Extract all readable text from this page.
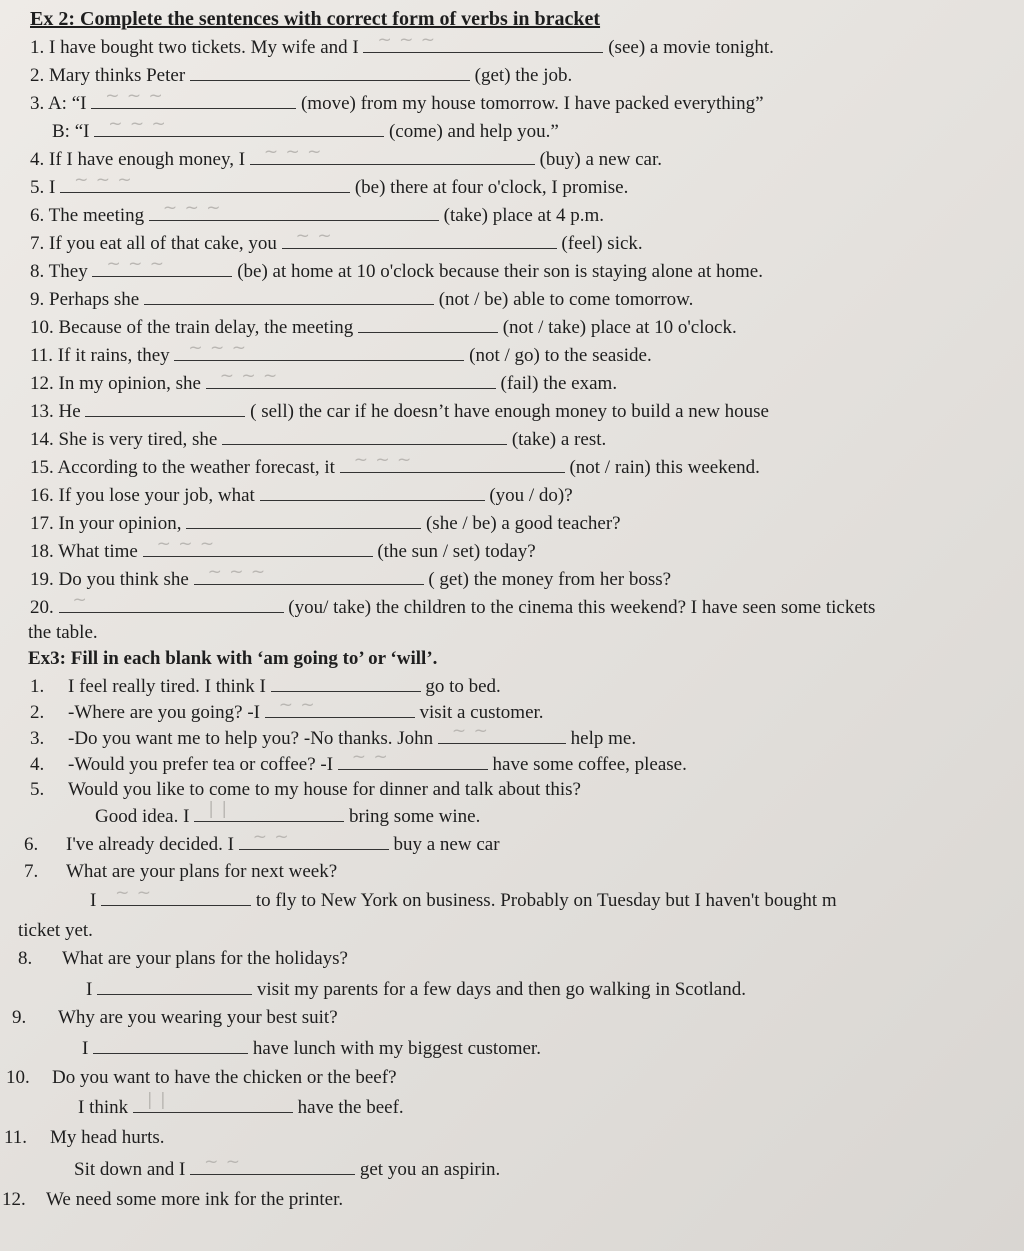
Ex 2: Complete the sentences with correct form of verbs in bracket
1. I have bought two tickets. My wife and I ~ ~ ~	(see) a movie tonight.
2. Mary thinks Peter	(get) the job.
3. A: “I ~ ~ ~	(move) from my house tomorrow. I have packed everything”
B: “I ~ ~ ~	(come) and help you.”
4. If I have enough money, I ~ ~ ~	(buy) a new car.
5. I ~ ~ ~	(be) there at four o'clock, I promise.
6. The meeting ~ ~ ~	(take) place at 4 p.m.
7. If you eat all of that cake, you ~ ~	(feel) sick.
8. They ~ ~ ~	(be) at home at 10 o'clock because their son is staying alone at home.
9. Perhaps she	(not / be) able to come tomorrow.
10. Because of the train delay, the meeting	(not / take) place at 10 o'clock.
11. If it rains, they ~ ~ ~	(not / go) to the seaside.
12. In my opinion, she ~ ~ ~	(fail) the exam.
13. He	( sell) the car if he doesn’t have enough money to build a new house
14. She is very tired, she	(take) a rest.
15. According to the weather forecast, it ~ ~ ~	(not / rain) this weekend.
16. If you lose your job, what	(you / do)?
17. In your opinion,	(she / be) a good teacher?
18. What time ~ ~ ~	(the sun / set) today?
19. Do you think she ~ ~ ~	( get) the money from her boss?
20. ~	(you/ take) the children to the cinema this weekend? I have seen some tickets
the table.
Ex3: Fill in each blank with ‘am going to’ or ‘will’.
1. I feel really tired. I think I	go to bed.
2. -Where are you going? -I ~ ~	visit a customer.
3. -Do you want me to help you? -No thanks. John ~ ~	help me.
4. -Would you prefer tea or coffee? -I ~ ~	have some coffee, please.
5. Would you like to come to my house for dinner and talk about this?
Good idea. I | |	bring some wine.
6. I've already decided. I ~ ~	buy a new car
7. What are your plans for next week?
I ~ ~	to fly to New York on business. Probably on Tuesday but I haven't bought m
ticket yet.
8. What are your plans for the holidays?
I	visit my parents for a few days and then go walking in Scotland.
9. Why are you wearing your best suit?
I	have lunch with my biggest customer.
10. Do you want to have the chicken or the beef?
I think | |	have the beef.
11. My head hurts.
Sit down and I ~ ~	get you an aspirin.
12. We need some more ink for the printer.
